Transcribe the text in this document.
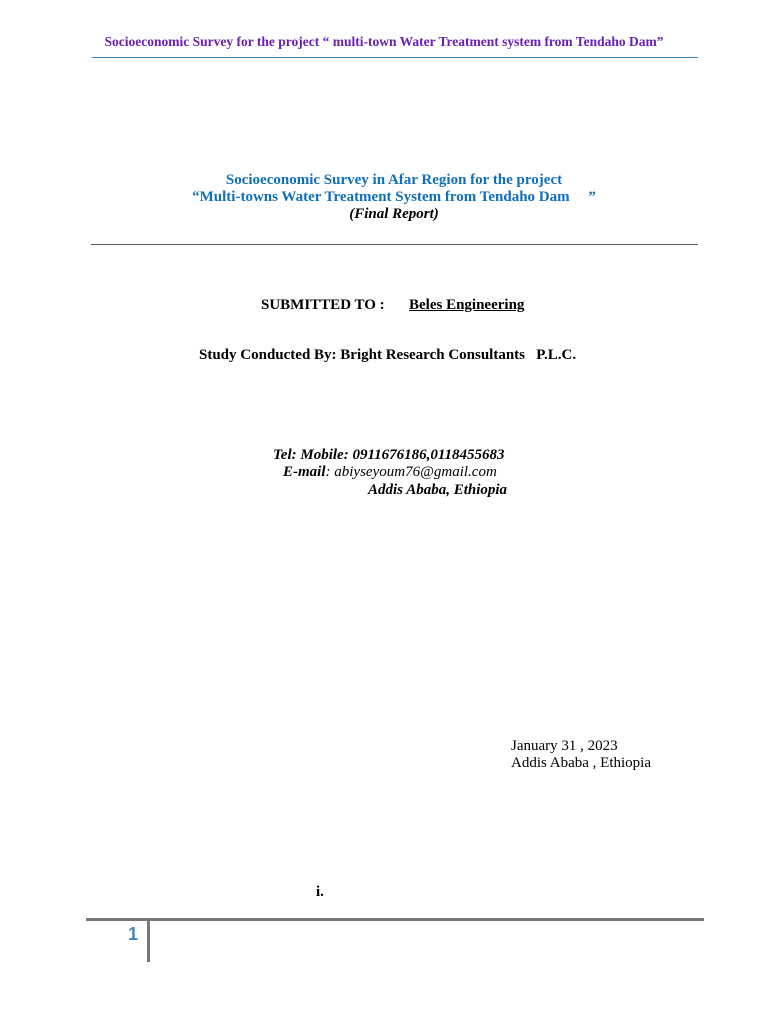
Socioeconomic Survey for the project “ multi-town Water Treatment system from Tendaho Dam”
Socioeconomic Survey in Afar Region for the project
“Multi-towns Water Treatment System from Tendaho Dam     ”
(Final Report)
SUBMITTED TO : Beles Engineering
Study Conducted By: Bright Research Consultants   P.L.C.
Tel: Mobile: 0911676186,0118455683
E-mail: abiyseyoum76@gmail.com
Addis Ababa, Ethiopia
January 31 , 2023
Addis Ababa , Ethiopia
i.
1
